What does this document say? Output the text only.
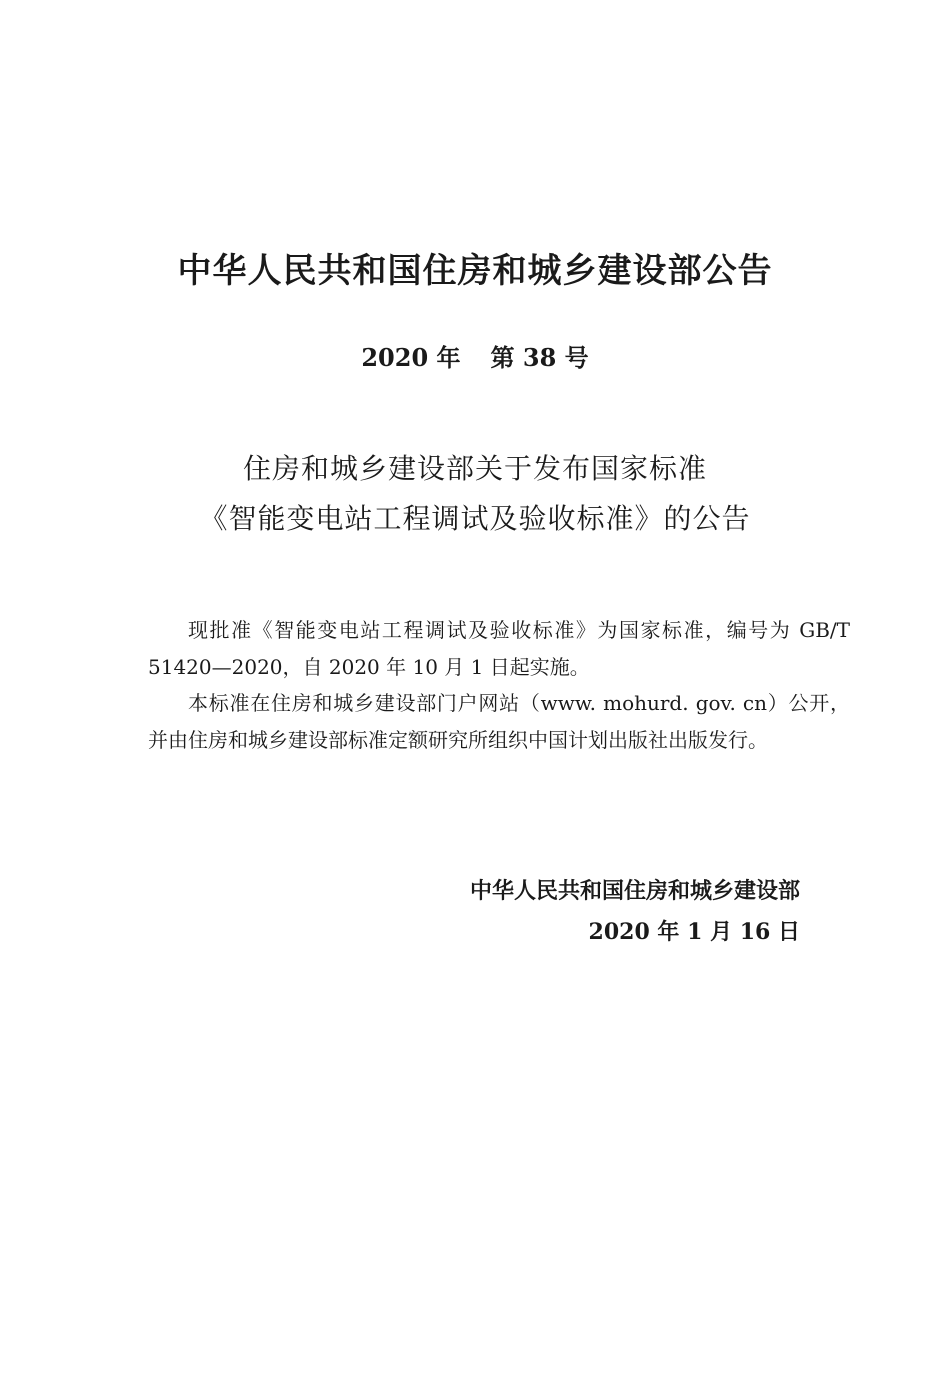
中华人民共和国住房和城乡建设部公告
2020 年 第 38 号
住房和城乡建设部关于发布国家标准
《智能变电站工程调试及验收标准》的公告

现批准《智能变电站工程调试及验收标准》为国家标准，编号为 GB/T 51420—2020，自 2020 年 10 月 1 日起实施。

本标准在住房和城乡建设部门户网站（www. mohurd. gov. cn）公开，并由住房和城乡建设部标准定额研究所组织中国计划出版社出版发行。

中华人民共和国住房和城乡建设部
2020 年 1 月 16 日
